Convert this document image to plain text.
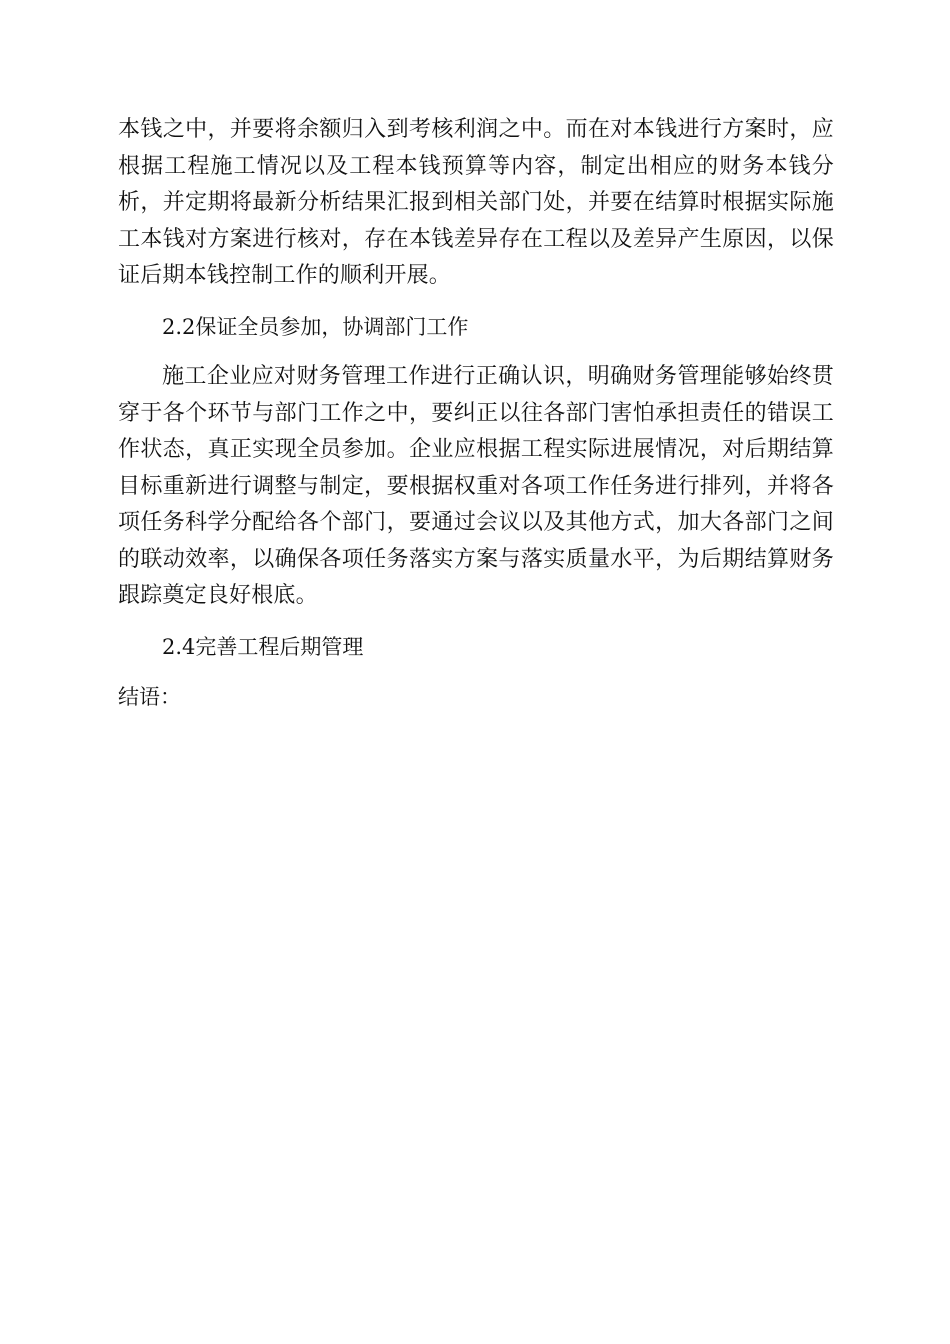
本钱之中，并要将余额归入到考核利润之中。而在对本钱进行方案时，应根据工程施工情况以及工程本钱预算等内容，制定出相应的财务本钱分析，并定期将最新分析结果汇报到相关部门处，并要在结算时根据实际施工本钱对方案进行核对，存在本钱差异存在工程以及差异产生原因，以保证后期本钱控制工作的顺利开展。

2.2保证全员参加，协调部门工作

施工企业应对财务管理工作进行正确认识，明确财务管理能够始终贯穿于各个环节与部门工作之中，要纠正以往各部门害怕承担责任的错误工作状态，真正实现全员参加。企业应根据工程实际进展情况，对后期结算目标重新进行调整与制定，要根据权重对各项工作任务进行排列，并将各项任务科学分配给各个部门，要通过会议以及其他方式，加大各部门之间的联动效率，以确保各项任务落实方案与落实质量水平，为后期结算财务跟踪奠定良好根底。

2.4完善工程后期管理

结语：
